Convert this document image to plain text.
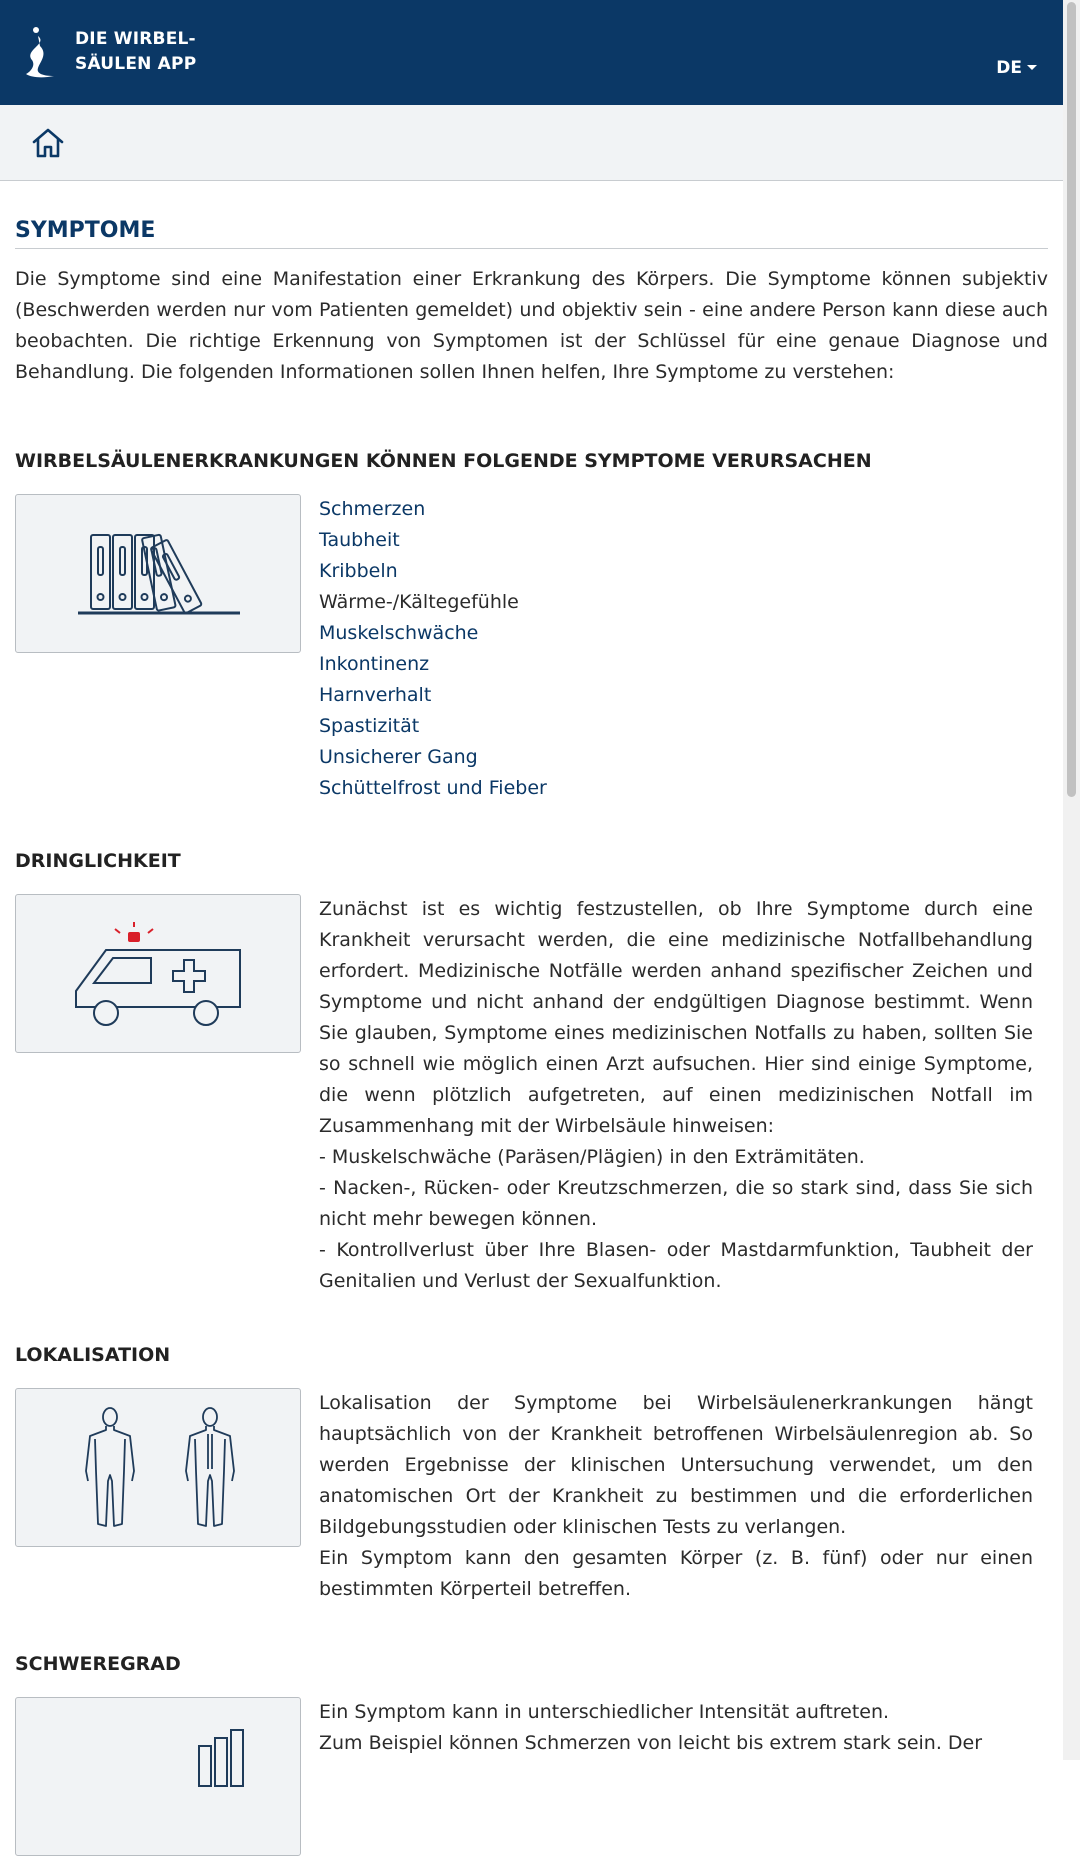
DIE WIRBEL-
SÄULEN APP	DE
SYMPTOME

Die Symptome sind eine Manifestation einer Erkrankung des Körpers. Die Symptome können subjektiv (Beschwerden werden nur vom Patienten gemeldet) und objektiv sein - eine andere Person kann diese auch beobachten. Die richtige Erkennung von Symptomen ist der Schlüssel für eine genaue Diagnose und Behandlung. Die folgenden Informationen sollen Ihnen helfen, Ihre Symptome zu verstehen:

WIRBELSÄULENERKRANKUNGEN KÖNNEN FOLGENDE SYMPTOME VERURSACHEN
Schmerzen
Taubheit
Kribbeln
Wärme-/Kältegefühle
Muskelschwäche
Inkontinenz
Harnverhalt
Spastizität
Unsicherer Gang
Schüttelfrost und Fieber
DRINGLICHKEIT

Zunächst ist es wichtig festzustellen, ob Ihre Symptome durch eine Krankheit verursacht werden, die eine medizinische Notfallbehandlung erfordert. Medizinische Notfälle werden anhand spezifischer Zeichen und Symptome und nicht anhand der endgültigen Diagnose bestimmt. Wenn Sie glauben, Symptome eines medizinischen Notfalls zu haben, sollten Sie so schnell wie möglich einen Arzt aufsuchen. Hier sind einige Symptome, die wenn plötzlich aufgetreten, auf einen medizinischen Notfall im Zusammenhang mit der Wirbelsäule hinweisen:

- Muskelschwäche (Paräsen/Plägien) in den Exträmitäten.

- Nacken-, Rücken- oder Kreutzschmerzen, die so stark sind, dass Sie sich nicht mehr bewegen können.

- Kontrollverlust über Ihre Blasen- oder Mastdarmfunktion, Taubheit der Genitalien und Verlust der Sexualfunktion.

LOKALISATION

Lokalisation der Symptome bei Wirbelsäulenerkrankungen hängt hauptsächlich von der Krankheit betroffenen Wirbelsäulenregion ab. So werden Ergebnisse der klinischen Untersuchung verwendet, um den anatomischen Ort der Krankheit zu bestimmen und die erforderlichen Bildgebungsstudien oder klinischen Tests zu verlangen.

Ein Symptom kann den gesamten Körper (z. B. fünf) oder nur einen bestimmten Körperteil betreffen.

SCHWEREGRAD

Ein Symptom kann in unterschiedlicher Intensität auftreten.

Zum Beispiel können Schmerzen von leicht bis extrem stark sein. Der
